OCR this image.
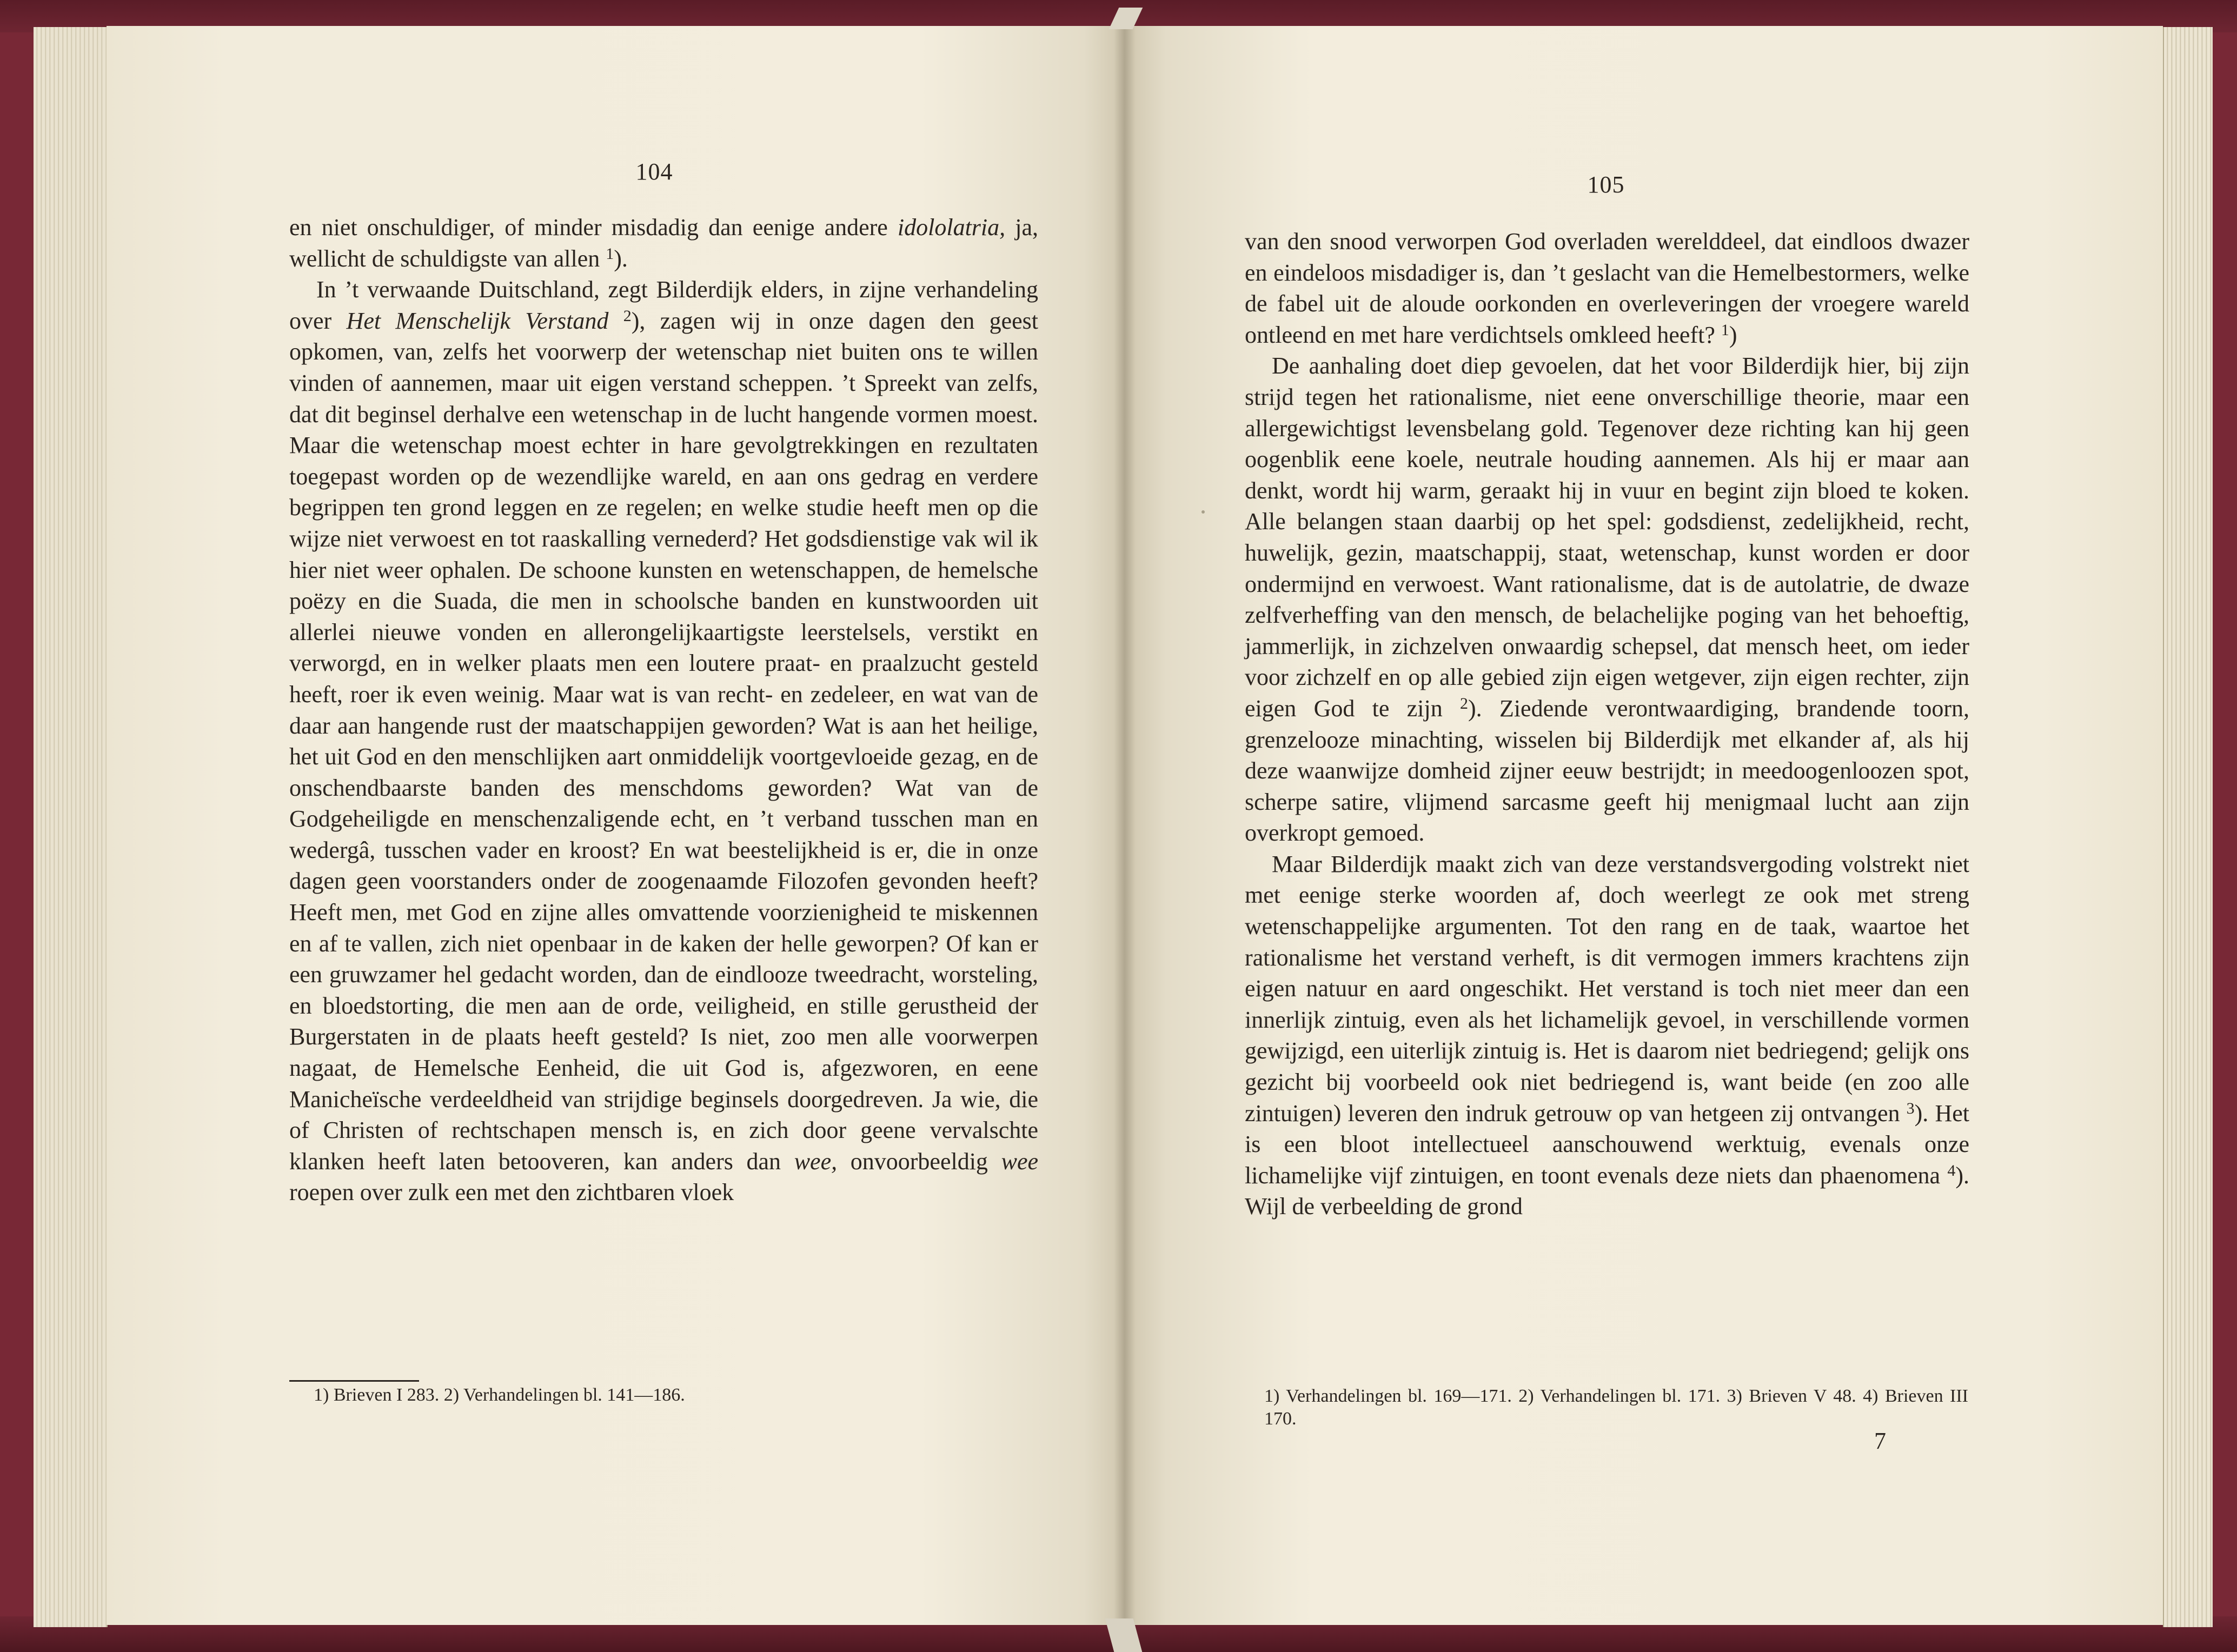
104

en niet onschuldiger, of minder misdadig dan eenige andere idololatria, ja, wellicht de schuldigste van allen $^1$).

In ’t verwaande Duitschland, zegt Bilderdijk elders, in zijne verhandeling over Het Menschelijk Verstand $^2$), zagen wij in onze dagen den geest opkomen, van, zelfs het voorwerp der wetenschap niet buiten ons te willen vinden of aannemen, maar uit eigen verstand scheppen. ’t Spreekt van zelfs, dat dit beginsel derhalve een wetenschap in de lucht hangende vormen moest. Maar die wetenschap moest echter in hare gevolgtrekkingen en rezultaten toegepast worden op de wezendlijke wareld, en aan ons gedrag en verdere begrippen ten grond leggen en ze regelen; en welke studie heeft men op die wijze niet verwoest en tot raaskalling vernederd? Het godsdienstige vak wil ik hier niet weer ophalen. De schoone kunsten en wetenschappen, de hemelsche poëzy en die Suada, die men in schoolsche banden en kunstwoorden uit allerlei nieuwe vonden en allerongelijkaartigste leerstelsels, verstikt en verworgd, en in welker plaats men een loutere praat- en praalzucht gesteld heeft, roer ik even weinig. Maar wat is van recht- en zedeleer, en wat van de daar aan hangende rust der maatschappijen geworden? Wat is aan het heilige, het uit God en den menschlijken aart onmiddelijk voortgevloeide gezag, en de onschendbaarste banden des menschdoms geworden? Wat van de Godgeheiligde en menschenzaligende echt, en ’t verband tusschen man en wedergâ, tusschen vader en kroost? En wat beestelijkheid is er, die in onze dagen geen voorstanders onder de zoogenaamde Filozofen gevonden heeft? Heeft men, met God en zijne alles omvattende voorzienigheid te miskennen en af te vallen, zich niet openbaar in de kaken der helle geworpen? Of kan er een gruwzamer hel gedacht worden, dan de eindlooze tweedracht, worsteling, en bloedstorting, die men aan de orde, veiligheid, en stille gerustheid der Burgerstaten in de plaats heeft gesteld? Is niet, zoo men alle voorwerpen nagaat, de Hemelsche Eenheid, die uit God is, afgezworen, en eene Manicheïsche verdeeldheid van strijdige beginsels doorgedreven. Ja wie, die of Christen of rechtschapen mensch is, en zich door geene vervalschte klanken heeft laten betooveren, kan anders dan wee, onvoorbeeldig wee roepen over zulk een met den zichtbaren vloek

1) Brieven I 283. 2) Verhandelingen bl. 141—186.
105

van den snood verworpen God overladen werelddeel, dat eindloos dwazer en eindeloos misdadiger is, dan ’t geslacht van die Hemelbestormers, welke de fabel uit de aloude oorkonden en overleveringen der vroegere wareld ontleend en met hare verdichtsels omkleed heeft? $^1$)

De aanhaling doet diep gevoelen, dat het voor Bilderdijk hier, bij zijn strijd tegen het rationalisme, niet eene onverschillige theorie, maar een allergewichtigst levensbelang gold. Tegenover deze richting kan hij geen oogenblik eene koele, neutrale houding aannemen. Als hij er maar aan denkt, wordt hij warm, geraakt hij in vuur en begint zijn bloed te koken. Alle belangen staan daarbij op het spel: godsdienst, zedelijkheid, recht, huwelijk, gezin, maatschappij, staat, wetenschap, kunst worden er door ondermijnd en verwoest. Want rationalisme, dat is de autolatrie, de dwaze zelfverheffing van den mensch, de belachelijke poging van het behoeftig, jammerlijk, in zichzelven onwaardig schepsel, dat mensch heet, om ieder voor zichzelf en op alle gebied zijn eigen wetgever, zijn eigen rechter, zijn eigen God te zijn $^2$). Ziedende verontwaardiging, brandende toorn, grenzelooze minachting, wisselen bij Bilderdijk met elkander af, als hij deze waanwijze domheid zijner eeuw bestrijdt; in meedoogenloozen spot, scherpe satire, vlijmend sarcasme geeft hij menigmaal lucht aan zijn overkropt gemoed.

Maar Bilderdijk maakt zich van deze verstandsvergoding volstrekt niet met eenige sterke woorden af, doch weerlegt ze ook met streng wetenschappelijke argumenten. Tot den rang en de taak, waartoe het rationalisme het verstand verheft, is dit vermogen immers krachtens zijn eigen natuur en aard ongeschikt. Het verstand is toch niet meer dan een innerlijk zintuig, even als het lichamelijk gevoel, in verschillende vormen gewijzigd, een uiterlijk zintuig is. Het is daarom niet bedriegend; gelijk ons gezicht bij voorbeeld ook niet bedriegend is, want beide (en zoo alle zintuigen) leveren den indruk getrouw op van hetgeen zij ontvangen $^3$). Het is een bloot intellectueel aanschouwend werktuig, evenals onze lichamelijke vijf zintuigen, en toont evenals deze niets dan phaenomena $^4$). Wijl de verbeelding de grond

1) Verhandelingen bl. 169—171. 2) Verhandelingen bl. 171. 3) Brieven V 48. 4) Brieven III 170.
7
